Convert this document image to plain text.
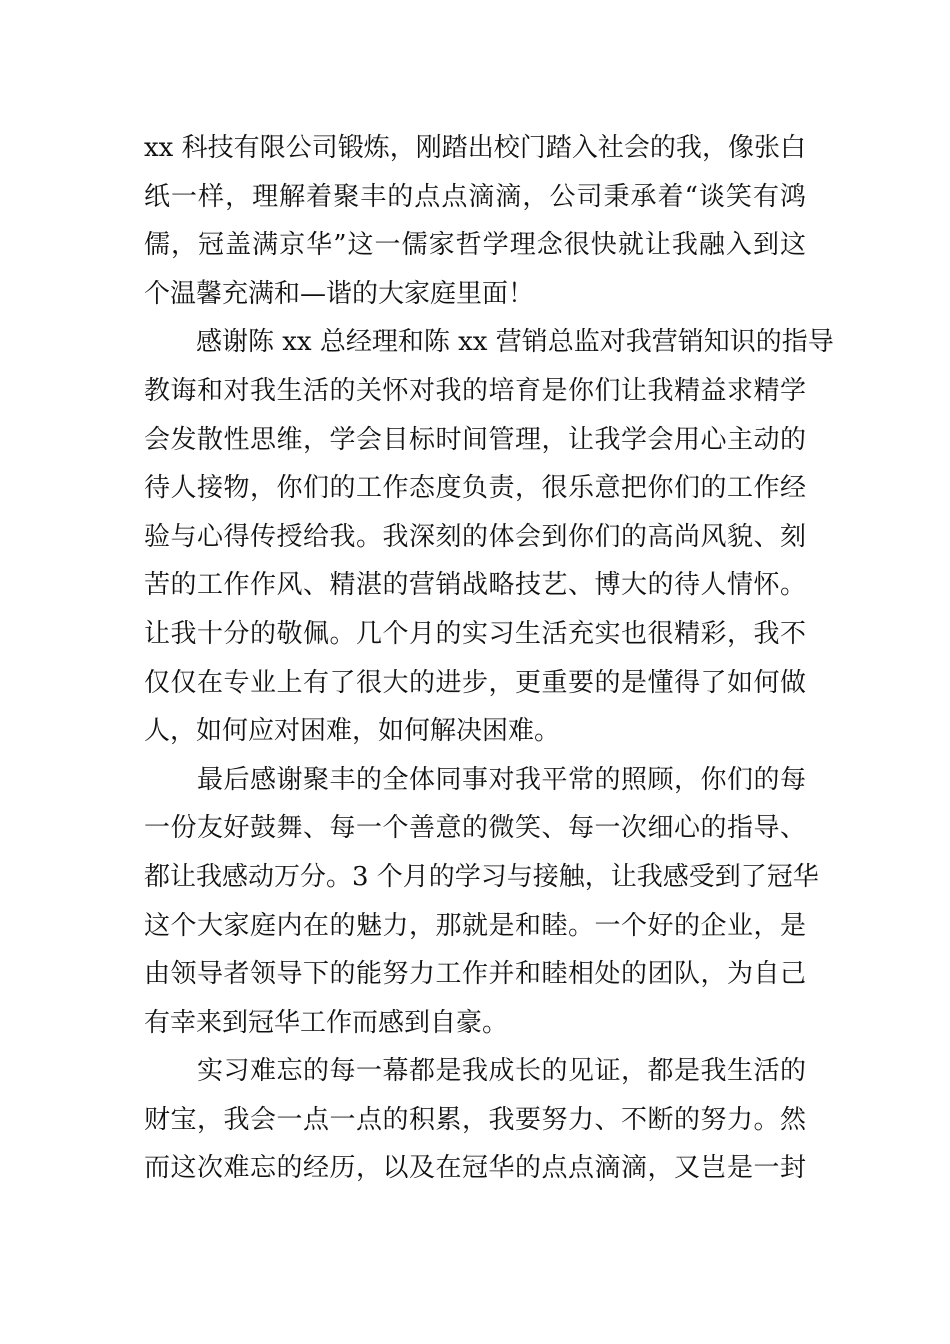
xx 科技有限公司锻炼，刚踏出校门踏入社会的我，像张白
纸一样，理解着聚丰的点点滴滴，公司秉承着“谈笑有鸿
儒，冠盖满京华”这一儒家哲学理念很快就让我融入到这
个温馨充满和—谐的大家庭里面！
　　感谢陈 xx 总经理和陈 xx 营销总监对我营销知识的指导
教诲和对我生活的关怀对我的培育是你们让我精益求精学
会发散性思维，学会目标时间管理，让我学会用心主动的
待人接物，你们的工作态度负责，很乐意把你们的工作经
验与心得传授给我。我深刻的体会到你们的高尚风貌、刻
苦的工作作风、精湛的营销战略技艺、博大的待人情怀。
让我十分的敬佩。几个月的实习生活充实也很精彩，我不
仅仅在专业上有了很大的进步，更重要的是懂得了如何做
人，如何应对困难，如何解决困难。
　　最后感谢聚丰的全体同事对我平常的照顾，你们的每
一份友好鼓舞、每一个善意的微笑、每一次细心的指导、
都让我感动万分。3 个月的学习与接触，让我感受到了冠华
这个大家庭内在的魅力，那就是和睦。一个好的企业，是
由领导者领导下的能努力工作并和睦相处的团队，为自己
有幸来到冠华工作而感到自豪。
　　实习难忘的每一幕都是我成长的见证，都是我生活的
财宝，我会一点一点的积累，我要努力、不断的努力。然
而这次难忘的经历，以及在冠华的点点滴滴，又岂是一封
